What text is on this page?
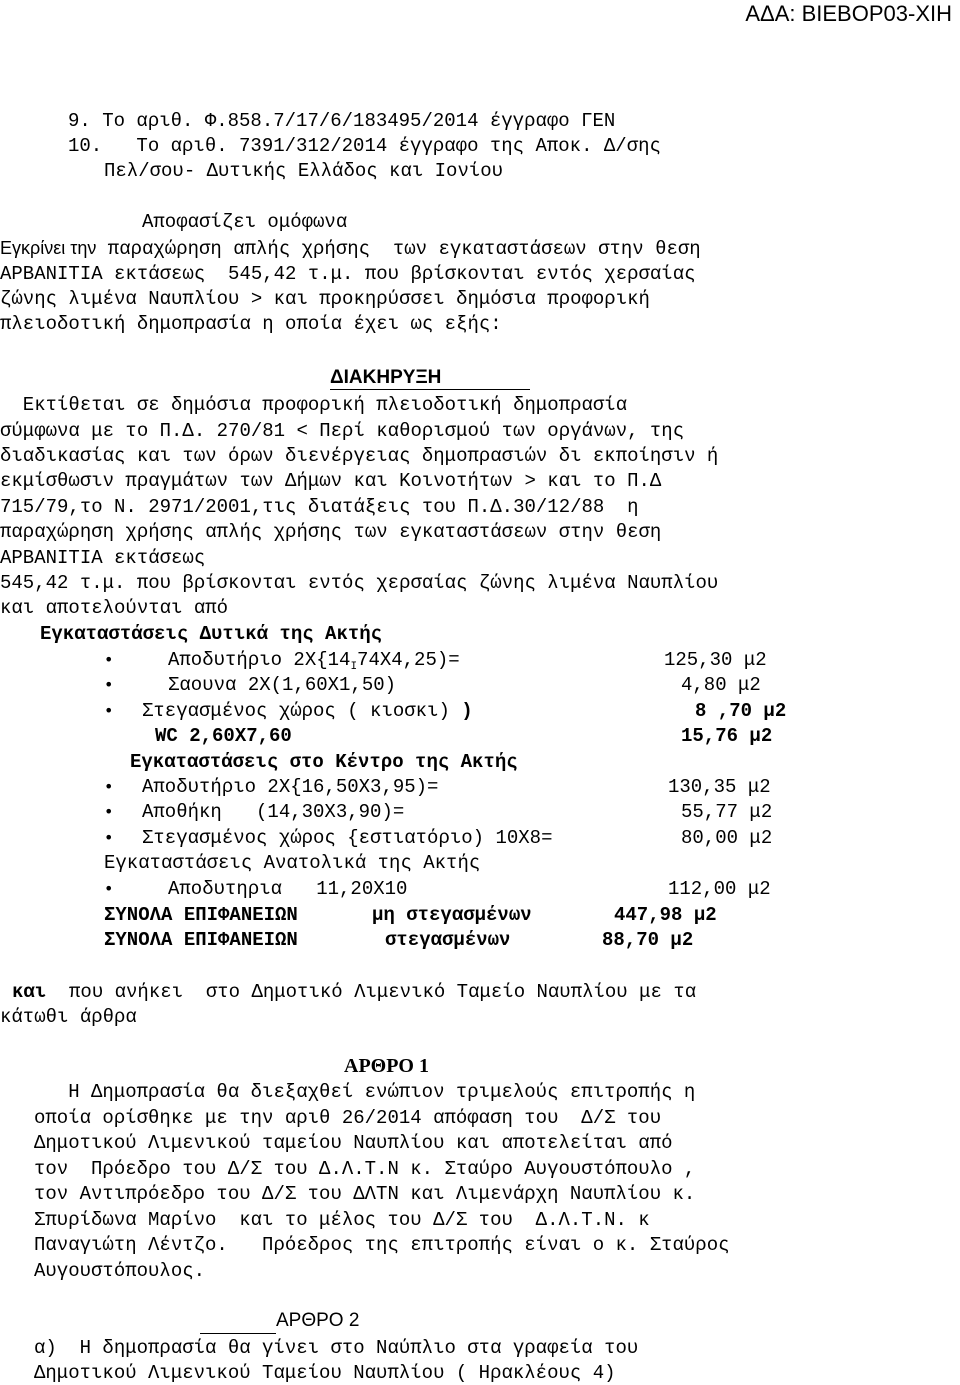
ΑΔΑ: ΒΙΕΒΟΡ03-ΧΙΗ
9. Το αριθ. Φ.858.7/17/6/183495/2014 έγγραφο ΓΕΝ
10.   Το αριθ. 7391/312/2014 έγγραφο της Αποκ. Δ/σης
Πελ/σου- Δυτικής Ελλάδος και Ιονίου
Αποφασίζει ομόφωνα
Εγκρίνει την παραχώρηση απλής χρήσης  των εγκαταστάσεων στην θεση
ΑΡΒΑΝΙΤΙΑ εκτάσεως  545,42 τ.μ. που βρίσκονται εντός χερσαίας
ζώνης λιμένα Ναυπλίου > και προκηρύσσει δημόσια προφορική
πλειοδοτική δημοπρασία η οποία έχει ως εξής:
ΔΙΑΚΗΡΥΞΗ
Εκτίθεται σε δημόσια προφορική πλειοδοτική δημοπρασία
σύμφωνα με το Π.Δ. 270/81 < Περί καθορισμού των οργάνων, της
διαδικασίας και των όρων διενέργειας δημοπρασιών δι εκποίησιν ή
εκμίσθωσιν πραγμάτων των Δήμων και Κοινοτήτων > και το Π.Δ
715/79,το Ν. 2971/2001,τις διατάξεις του Π.Δ.30/12/88  η
παραχώρηση χρήσης απλής χρήσης των εγκαταστάσεων στην θεση
ΑΡΒΑΝΙΤΙΑ εκτάσεως
545,42 τ.μ. που βρίσκονται εντός χερσαίας ζώνης λιμένα Ναυπλίου
και αποτελούνται από
Εγκαταστάσεις Δυτικά της Ακτής
•	Αποδυτήριο $2X\{14_I74X4,25)=$	125,30 μ2
•	Σαουνα 2Χ(1,60Χ1,50)	4,80 μ2
• Στεγασμένος χώρος ( κιοσκι) )	8 ,70 μ2
WC 2,60Χ7,60	15,76 μ2
Εγκαταστάσεις στο Κέντρο της Ακτής
• Αποδυτήριο 2Χ{16,50Χ3,95)=	130,35 μ2
• Αποθήκη   (14,30Χ3,90)=	55,77 μ2
• Στεγασμένος χώρος {εστιατόριο) 10Χ8=	80,00 μ2
Εγκαταστάσεις Ανατολικά της Ακτής
•	Αποδυτηρια   11,20Χ10	112,00 μ2
ΣΥΝΟΛΑ ΕΠΙΦΑΝΕΙΩΝ	μη στεγασμένων	447,98 μ2
ΣΥΝΟΛΑ ΕΠΙΦΑΝΕΙΩΝ	στεγασμένων	88,70 μ2
και  που ανήκει  στο Δημοτικό Λιμενικό Ταμείο Ναυπλίου με τα
κάτωθι άρθρα
ΑΡΘΡΟ 1
Η Δημοπρασία θα διεξαχθεί ενώπιον τριμελούς επιτροπής η
οποία ορίσθηκε με την αριθ 26/2014 απόφαση του  Δ/Σ του
Δημοτικού Λιμενικού ταμείου Ναυπλίου και αποτελείται από
τον  Πρόεδρο του Δ/Σ του Δ.Λ.Τ.Ν κ. Σταύρο Αυγουστόπουλο ,
τον Αντιπρόεδρο του Δ/Σ του ΔΛΤΝ και Λιμενάρχη Ναυπλίου κ.
Σπυρίδωνα Μαρίνο  και το μέλος του Δ/Σ του  Δ.Λ.Τ.Ν. κ
Παναγιώτη Λέντζο.   Πρόεδρος της επιτροπής είναι ο κ. Σταύρος
Αυγουστόπουλος.
ΑΡΘΡΟ 2
α)  Η δημοπρασία θα γίνει στο Ναύπλιο στα γραφεία του
Δημοτικού Λιμενικού Ταμείου Ναυπλίου ( Ηρακλέους 4)
